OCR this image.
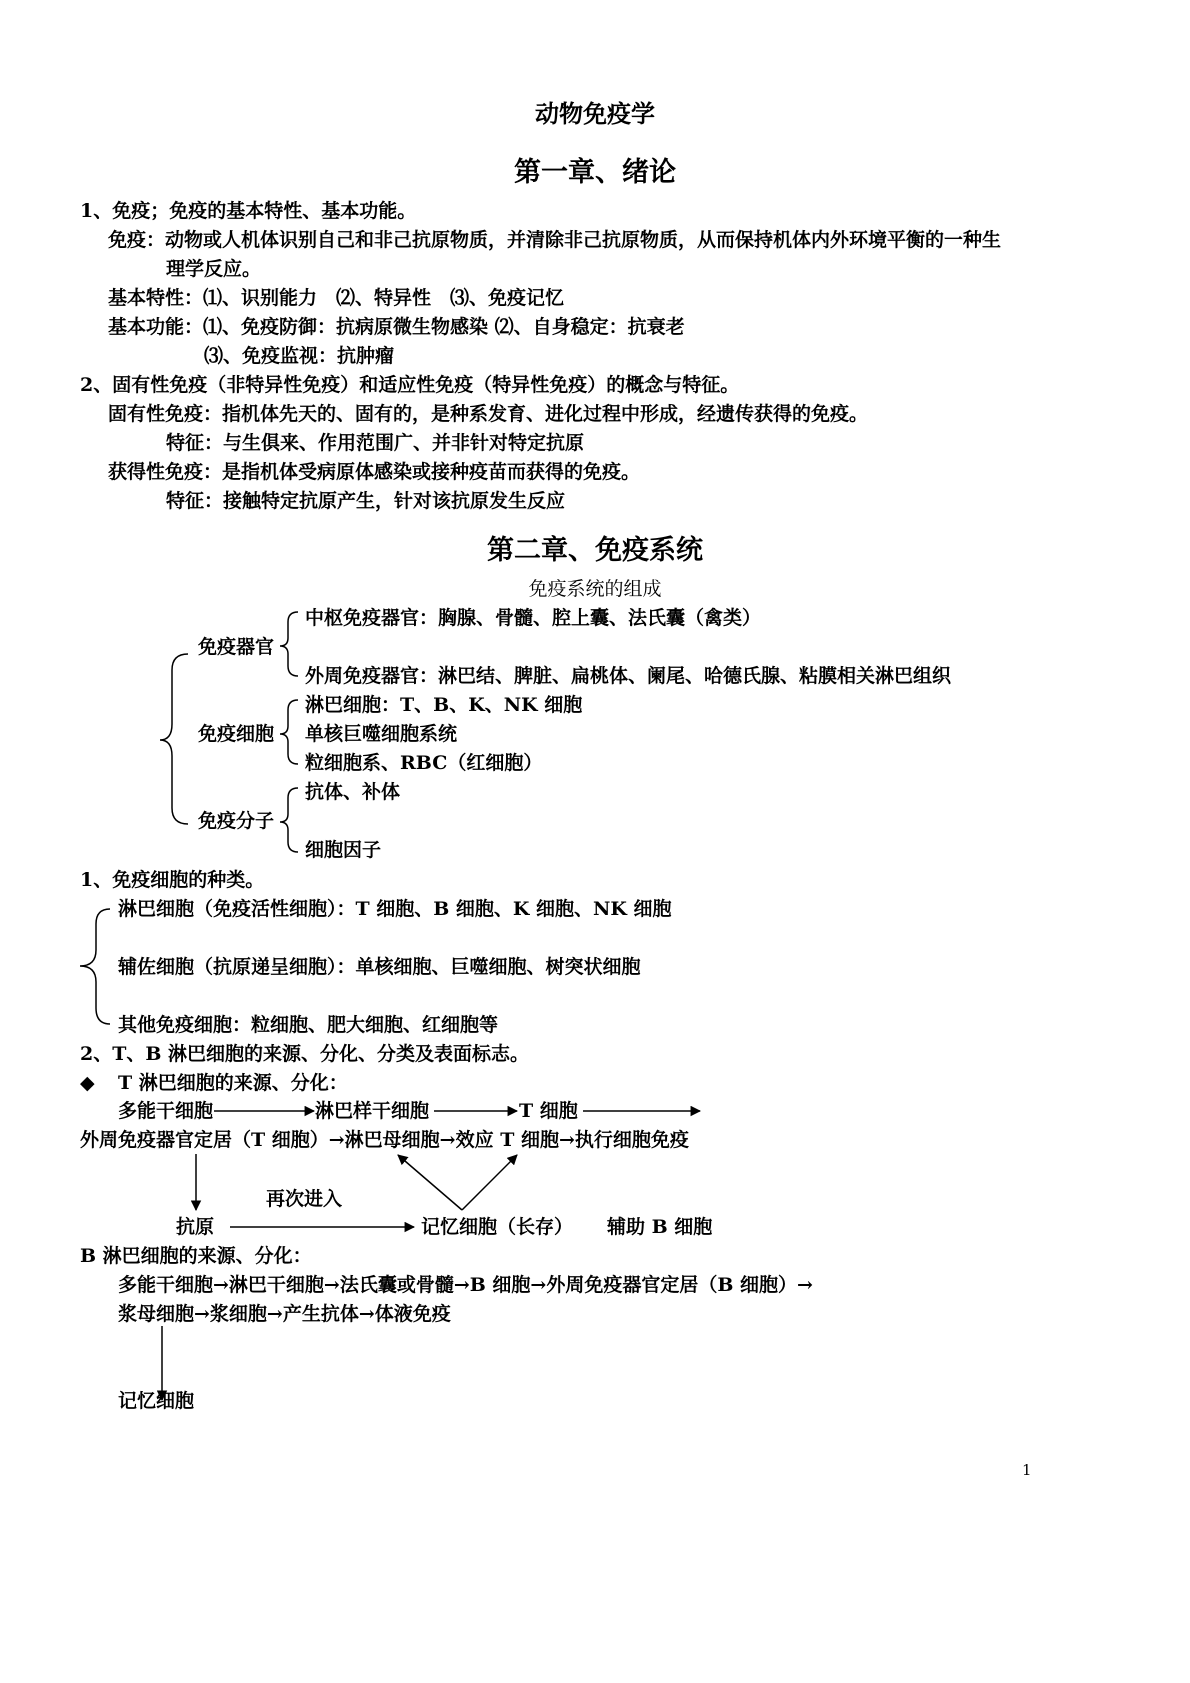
动物免疫学
第一章、绪论
1、免疫；免疫的基本特性、基本功能。
免疫：动物或人机体识别自己和非己抗原物质，并清除非己抗原物质，从而保持机体内外环境平衡的一种生
理学反应。
基本特性：⑴、识别能力　⑵、特异性　⑶、免疫记忆
基本功能：⑴、免疫防御：抗病原微生物感染 ⑵、自身稳定：抗衰老
⑶、免疫监视：抗肿瘤
2、固有性免疫（非特异性免疫）和适应性免疫（特异性免疫）的概念与特征。
固有性免疫：指机体先天的、固有的，是种系发育、进化过程中形成，经遗传获得的免疫。
特征：与生俱来、作用范围广、并非针对特定抗原
获得性免疫：是指机体受病原体感染或接种疫苗而获得的免疫。
特征：接触特定抗原产生，针对该抗原发生反应
第二章、免疫系统
免疫系统的组成
免疫器官
中枢免疫器官：胸腺、骨髓、腔上囊、法氏囊（禽类）
外周免疫器官：淋巴结、脾脏、扁桃体、阑尾、哈德氏腺、粘膜相关淋巴组织
免疫细胞
淋巴细胞：T、B、K、NK 细胞
单核巨噬细胞系统
粒细胞系、RBC（红细胞）
免疫分子
抗体、补体
细胞因子
1、免疫细胞的种类。
淋巴细胞（免疫活性细胞）：T 细胞、B 细胞、K 细胞、NK 细胞
辅佐细胞（抗原递呈细胞）：单核细胞、巨噬细胞、树突状细胞
其他免疫细胞：粒细胞、肥大细胞、红细胞等
2、T、B 淋巴细胞的来源、分化、分类及表面标志。
◆ T 淋巴细胞的来源、分化：
多能干细胞	淋巴样干细胞	T 细胞
外周免疫器官定居（T 细胞）→淋巴母细胞→效应 T 细胞→执行细胞免疫
再次进入
抗原	记忆细胞（长存） 辅助 B 细胞
B 淋巴细胞的来源、分化：
多能干细胞→淋巴干细胞→法氏囊或骨髓→B 细胞→外周免疫器官定居（B 细胞）→
浆母细胞→浆细胞→产生抗体→体液免疫
记忆细胞
1
